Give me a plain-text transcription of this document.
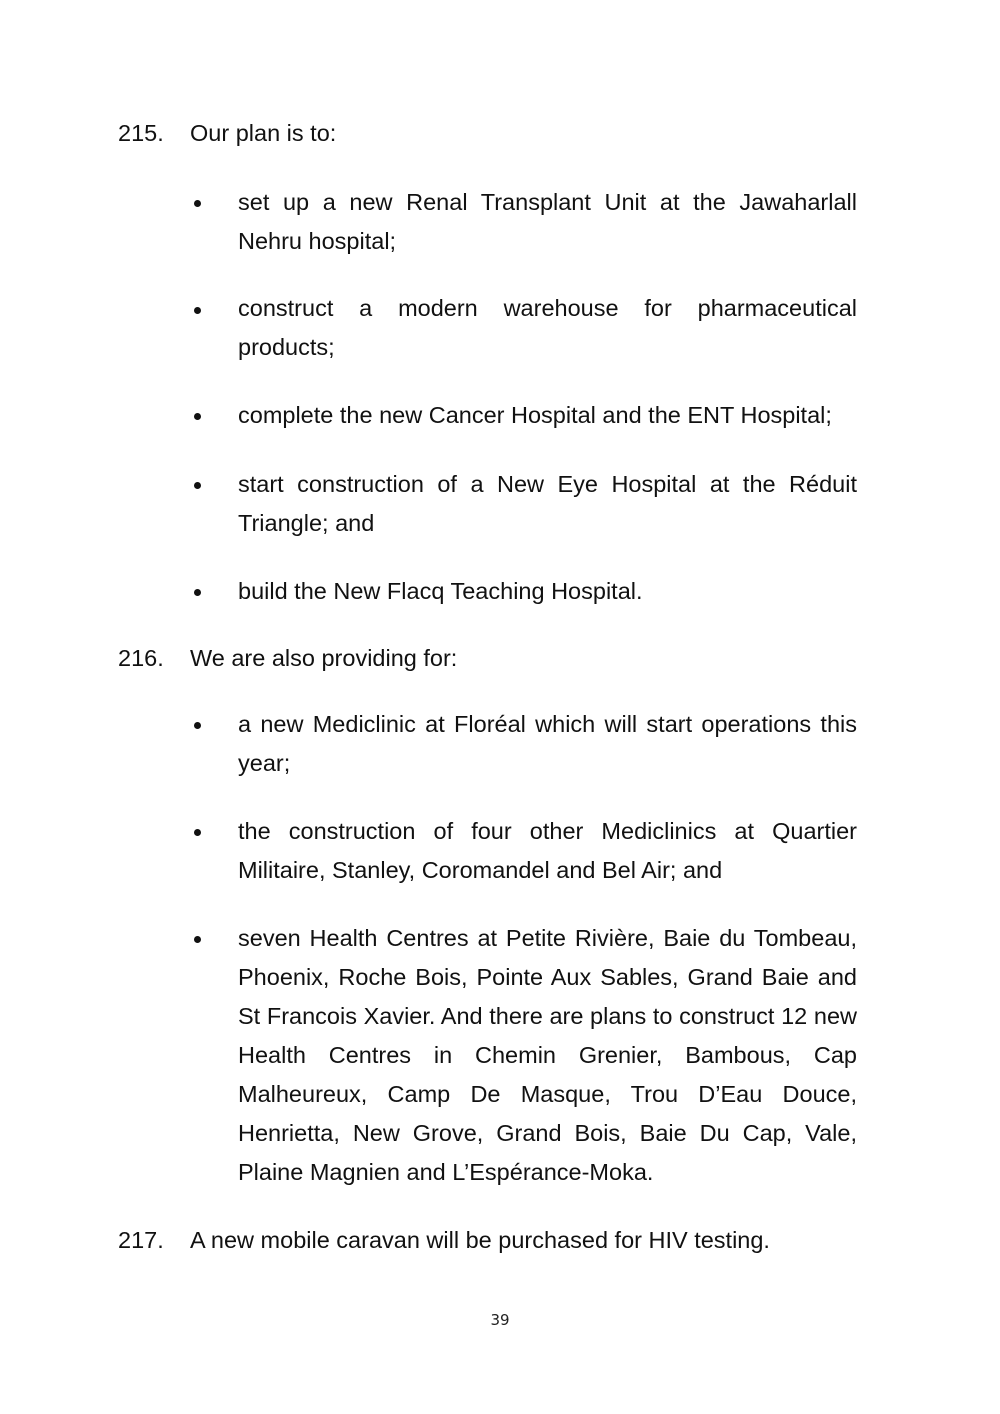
215. Our plan is to:
set up a new Renal Transplant Unit at the Jawaharlall Nehru hospital;
construct a modern warehouse for pharmaceutical products;
complete the new Cancer Hospital and the ENT Hospital;
start construction of a New Eye Hospital at the Réduit Triangle; and
build the New Flacq Teaching Hospital.
216. We are also providing for:
a new Mediclinic at Floréal which will start operations this year;
the construction of four other Mediclinics at Quartier Militaire, Stanley, Coromandel and Bel Air; and
seven Health Centres at Petite Rivière, Baie du Tombeau, Phoenix, Roche Bois, Pointe Aux Sables, Grand Baie and St Francois Xavier. And there are plans to construct 12 new Health Centres in Chemin Grenier, Bambous, Cap Malheureux, Camp De Masque, Trou D’Eau Douce, Henrietta, New Grove, Grand Bois, Baie Du Cap, Vale, Plaine Magnien and L’Espérance-Moka.
217. A new mobile caravan will be purchased for HIV testing.
39
